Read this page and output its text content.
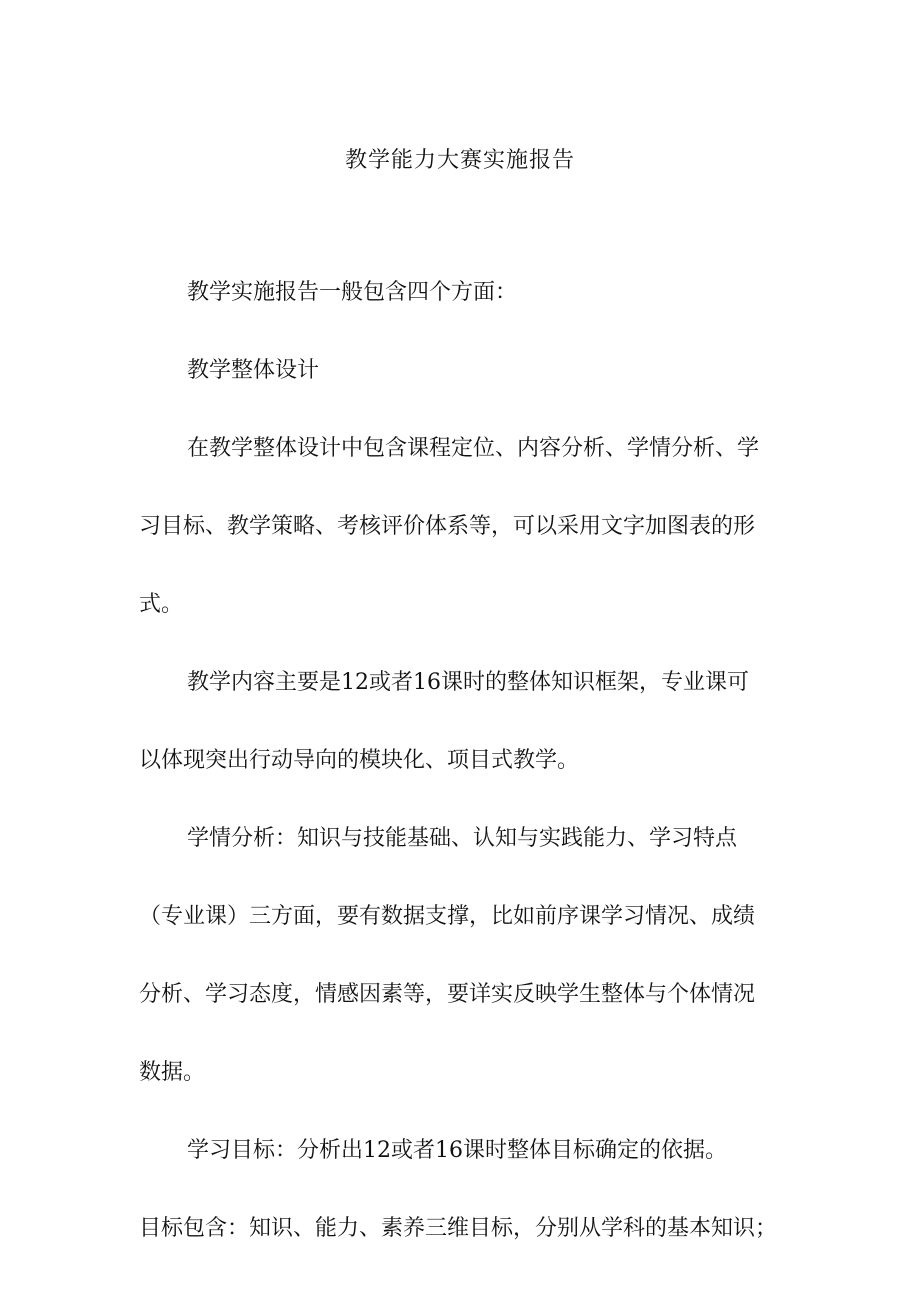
教学能力大赛实施报告
教学实施报告一般包含四个方面：
教学整体设计
在教学整体设计中包含课程定位、内容分析、学情分析、学
习目标、教学策略、考核评价体系等，可以采用文字加图表的形
式。
教学内容主要是12或者16课时的整体知识框架，专业课可
以体现突出行动导向的模块化、项目式教学。
学情分析：知识与技能基础、认知与实践能力、学习特点
（专业课）三方面，要有数据支撑，比如前序课学习情况、成绩
分析、学习态度，情感因素等，要详实反映学生整体与个体情况
数据。
学习目标：分析出12或者16课时整体目标确定的依据。
目标包含：知识、能力、素养三维目标，分别从学科的基本知识；
